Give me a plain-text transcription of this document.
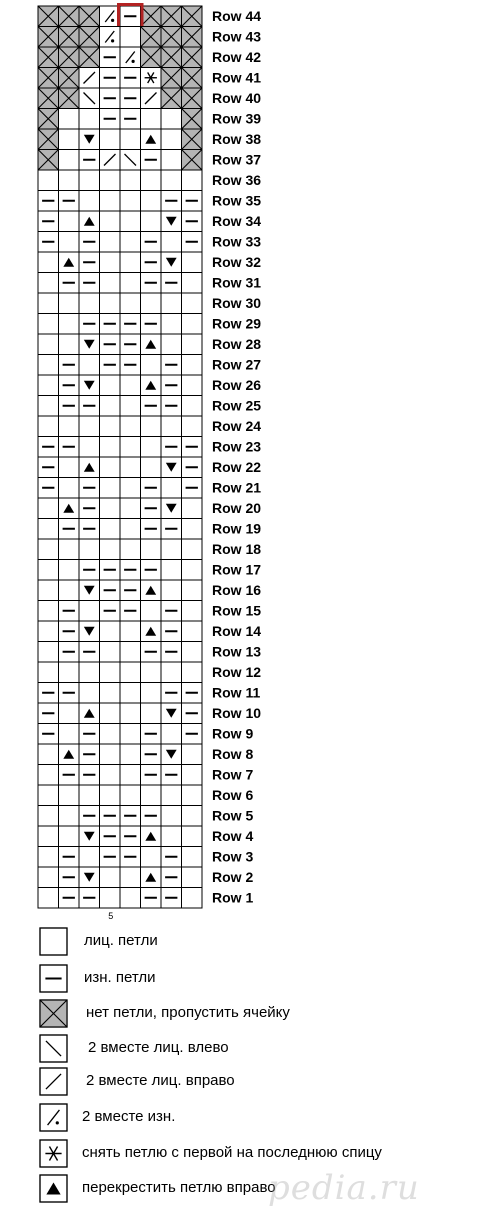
Row 44
Row 43
Row 42
Row 41
Row 40
Row 39
Row 38
Row 37
Row 36
Row 35
Row 34
Row 33
Row 32
Row 31
Row 30
Row 29
Row 28
Row 27
Row 26
Row 25
Row 24
Row 23
Row 22
Row 21
Row 20
Row 19
Row 18
Row 17
Row 16
Row 15
Row 14
Row 13
Row 12
Row 11
Row 10
Row 9
Row 8
Row 7
Row 6
Row 5
Row 4
Row 3
Row 2
Row 1
5
лиц. петли
изн. петли
нет петли, пропустить ячейку
2 вместе лиц. влево
2 вместе лиц. вправо
2 вместе изн.
снять петлю с первой на последнюю спицу
перекрестить петлю вправо
pedia.ru
